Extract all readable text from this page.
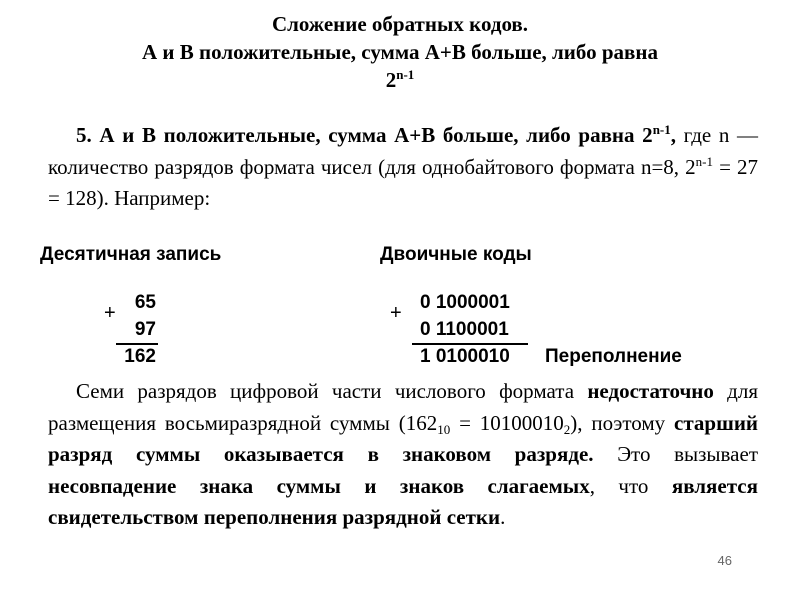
Сложение обратных кодов.
А и В положительные, сумма А+В больше, либо равна
2$^{n-1}$
5. А и В положительные, сумма А+В больше, либо равна 2$^{n-1}$, где n — количество разрядов формата чисел (для однобайтового формата n=8, $2^{n-1} = 27 = 128$). Например:
Десятичная запись	Двоичные коды
+	65
97
162
+ 0 1000001
0 1100001
1 0100010 Переполнение
Семи разрядов цифровой части числового формата недостаточно для размещения восьмиразрядной суммы $(162_{10} = 10100010_2)$, поэтому старший разряд суммы оказывается в знаковом разряде. Это вызывает несовпадение знака суммы и знаков слагаемых, что является свидетельством переполнения разрядной сетки.
46
